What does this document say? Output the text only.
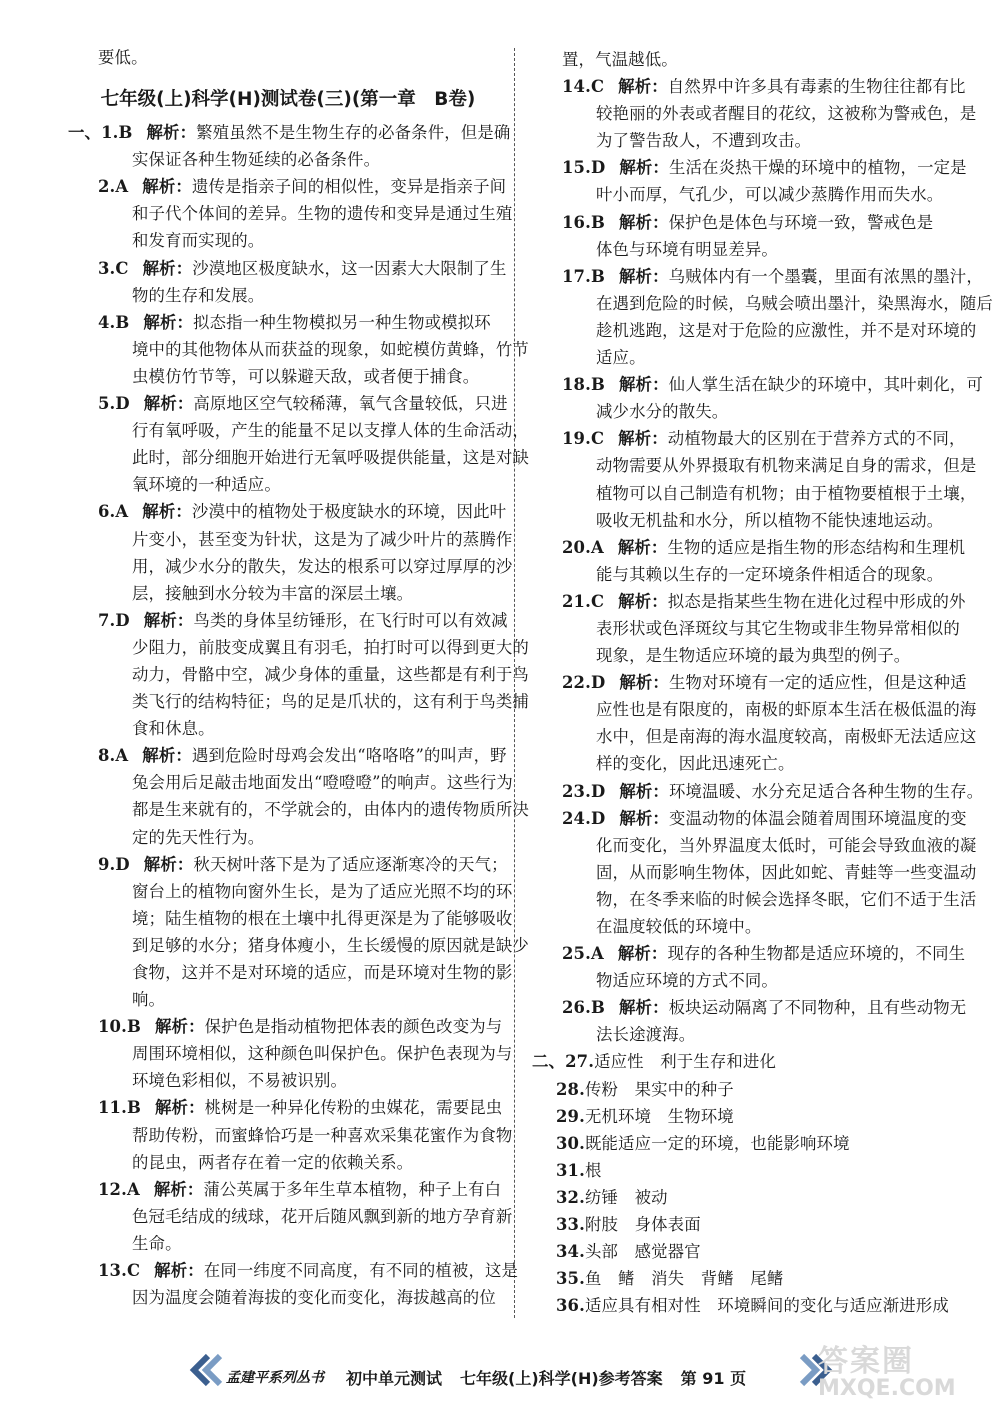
要低。
七年级(上)科学(H)测试卷(三)(第一章　B卷)
一、1.B 解析：繁殖虽然不是生物生存的必备条件，但是确
实保证各种生物延续的必备条件。
2.A 解析：遗传是指亲子间的相似性，变异是指亲子间
和子代个体间的差异。生物的遗传和变异是通过生殖
和发育而实现的。
3.C 解析：沙漠地区极度缺水，这一因素大大限制了生
物的生存和发展。
4.B 解析：拟态指一种生物模拟另一种生物或模拟环
境中的其他物体从而获益的现象，如蛇模仿黄蜂，竹节
虫模仿竹节等，可以躲避天敌，或者便于捕食。
5.D 解析：高原地区空气较稀薄，氧气含量较低，只进
行有氧呼吸，产生的能量不足以支撑人体的生命活动，
此时，部分细胞开始进行无氧呼吸提供能量，这是对缺
氧环境的一种适应。
6.A 解析：沙漠中的植物处于极度缺水的环境，因此叶
片变小，甚至变为针状，这是为了减少叶片的蒸腾作
用，减少水分的散失，发达的根系可以穿过厚厚的沙
层，接触到水分较为丰富的深层土壤。
7.D 解析：鸟类的身体呈纺锤形，在飞行时可以有效减
少阻力，前肢变成翼且有羽毛，拍打时可以得到更大的
动力，骨骼中空，减少身体的重量，这些都是有利于鸟
类飞行的结构特征；鸟的足是爪状的，这有利于鸟类捕
食和休息。
8.A 解析：遇到危险时母鸡会发出“咯咯咯”的叫声，野
兔会用后足敲击地面发出“噔噔噔”的响声。这些行为
都是生来就有的，不学就会的，由体内的遗传物质所决
定的先天性行为。
9.D 解析：秋天树叶落下是为了适应逐渐寒冷的天气；
窗台上的植物向窗外生长，是为了适应光照不均的环
境；陆生植物的根在土壤中扎得更深是为了能够吸收
到足够的水分；猪身体瘦小，生长缓慢的原因就是缺少
食物，这并不是对环境的适应，而是环境对生物的影
响。
10.B 解析：保护色是指动植物把体表的颜色改变为与
周围环境相似，这种颜色叫保护色。保护色表现为与
环境色彩相似，不易被识别。
11.B 解析：桃树是一种异化传粉的虫媒花，需要昆虫
帮助传粉，而蜜蜂恰巧是一种喜欢采集花蜜作为食物
的昆虫，两者存在着一定的依赖关系。
12.A 解析：蒲公英属于多年生草本植物，种子上有白
色冠毛结成的绒球，花开后随风飘到新的地方孕育新
生命。
13.C 解析：在同一纬度不同高度，有不同的植被，这是
因为温度会随着海拔的变化而变化，海拔越高的位
置，气温越低。
14.C 解析：自然界中许多具有毒素的生物往往都有比
较艳丽的外表或者醒目的花纹，这被称为警戒色，是
为了警告敌人，不遭到攻击。
15.D 解析：生活在炎热干燥的环境中的植物，一定是
叶小而厚，气孔少，可以减少蒸腾作用而失水。
16.B 解析：保护色是体色与环境一致，警戒色是
体色与环境有明显差异。
17.B 解析：乌贼体内有一个墨囊，里面有浓黑的墨汁，
在遇到危险的时候，乌贼会喷出墨汁，染黑海水，随后
趁机逃跑，这是对于危险的应激性，并不是对环境的
适应。
18.B 解析：仙人掌生活在缺少的环境中，其叶刺化，可
减少水分的散失。
19.C 解析：动植物最大的区别在于营养方式的不同，
动物需要从外界摄取有机物来满足自身的需求，但是
植物可以自己制造有机物；由于植物要植根于土壤，
吸收无机盐和水分，所以植物不能快速地运动。
20.A 解析：生物的适应是指生物的形态结构和生理机
能与其赖以生存的一定环境条件相适合的现象。
21.C 解析：拟态是指某些生物在进化过程中形成的外
表形状或色泽斑纹与其它生物或非生物异常相似的
现象，是生物适应环境的最为典型的例子。
22.D 解析：生物对环境有一定的适应性，但是这种适
应性也是有限度的，南极的虾原本生活在极低温的海
水中，但是南海的海水温度较高，南极虾无法适应这
样的变化，因此迅速死亡。
23.D 解析：环境温暖、水分充足适合各种生物的生存。
24.D 解析：变温动物的体温会随着周围环境温度的变
化而变化，当外界温度太低时，可能会导致血液的凝
固，从而影响生物体，因此如蛇、青蛙等一些变温动
物，在冬季来临的时候会选择冬眠，它们不适于生活
在温度较低的环境中。
25.A 解析：现存的各种生物都是适应环境的，不同生
物适应环境的方式不同。
26.B 解析：板块运动隔离了不同物种，且有些动物无
法长途渡海。
二、27.适应性　利于生存和进化
28.传粉　果实中的种子
29.无机环境　生物环境
30.既能适应一定的环境，也能影响环境
31.根
32.纺锤　被动
33.附肢　身体表面
34.头部　感觉器官
35.鱼　鳍　消失　背鳍　尾鳍
36.适应具有相对性　环境瞬间的变化与适应渐进形成
孟建平系列丛书 初中单元测试 七年级(上)科学(H)参考答案 第 91 页 答案圈
MXQE.COM
